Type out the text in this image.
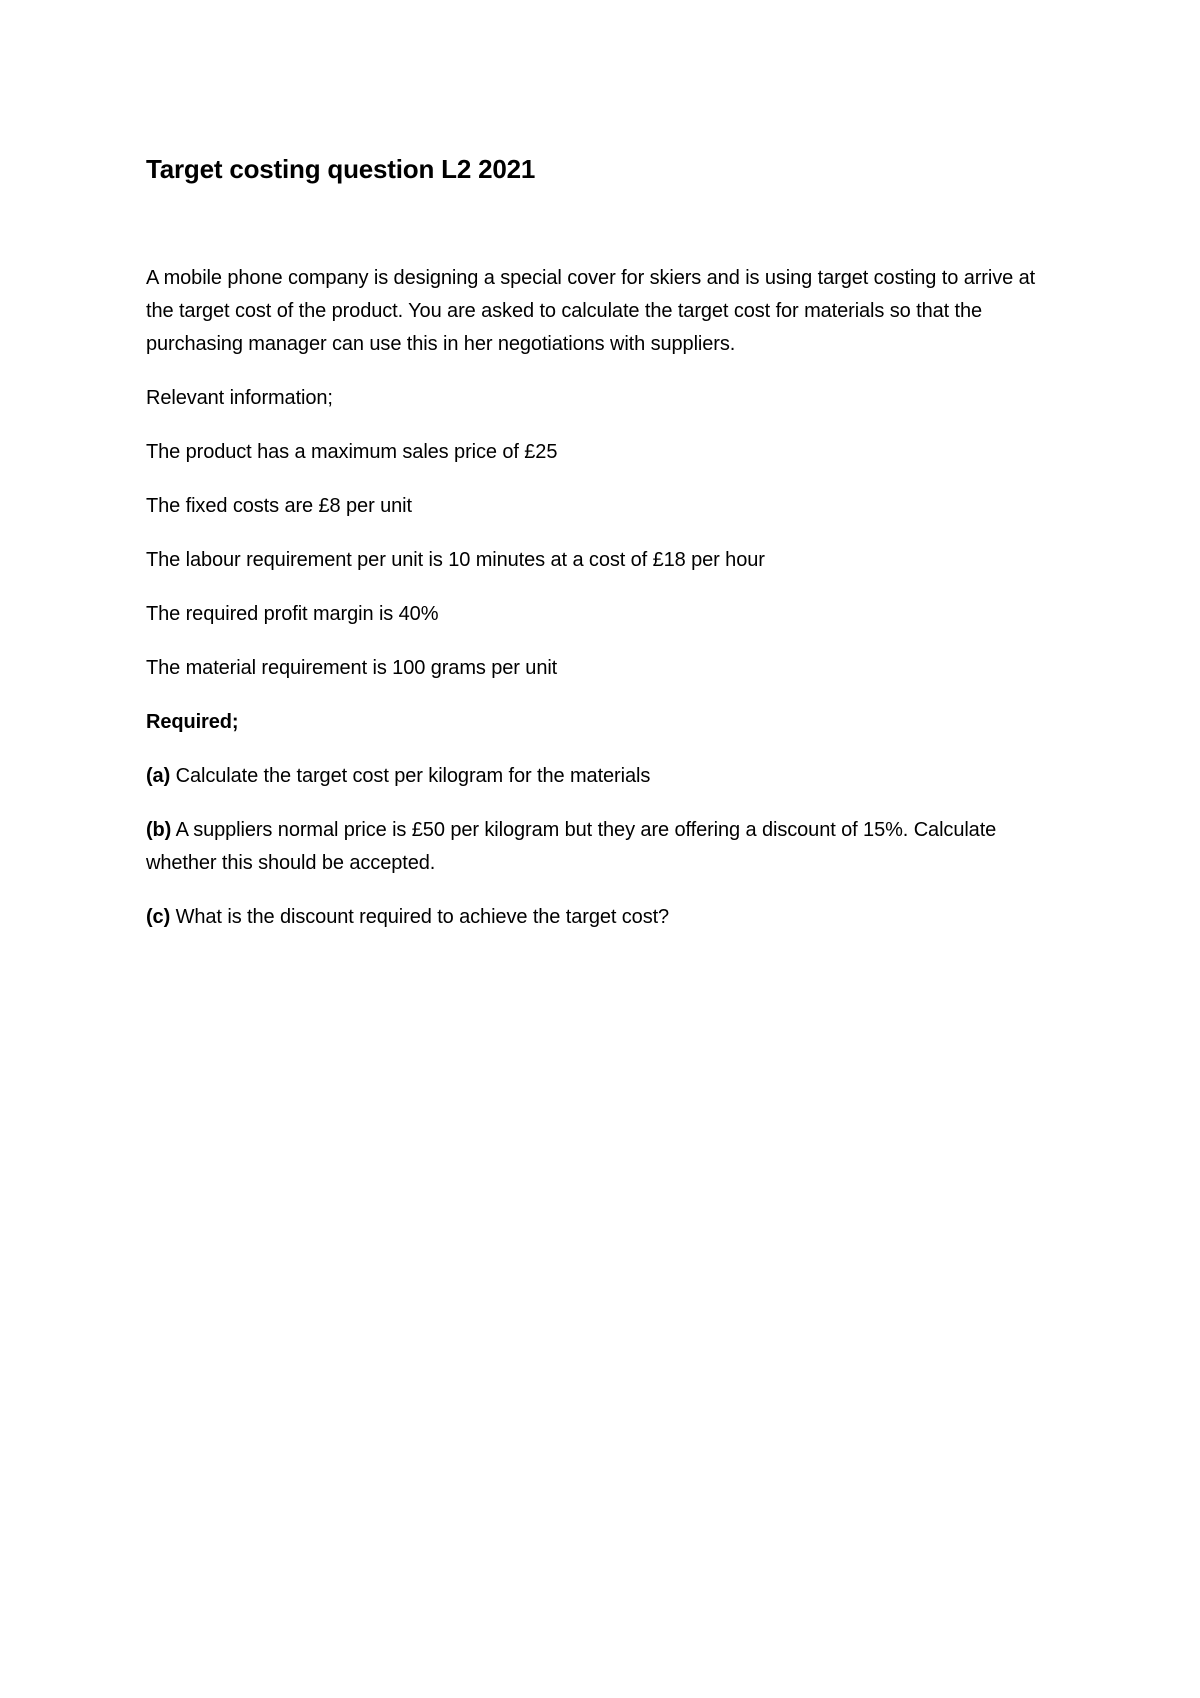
Target costing question L2 2021

A mobile phone company is designing a special cover for skiers and is using target costing to arrive at the target cost of the product. You are asked to calculate the target cost for materials so that the purchasing manager can use this in her negotiations with suppliers.

Relevant information;

The product has a maximum sales price of £25

The fixed costs are £8 per unit

The labour requirement per unit is 10 minutes at a cost of £18 per hour

The required profit margin is 40%

The material requirement is 100 grams per unit

Required;

(a) Calculate the target cost per kilogram for the materials

(b) A suppliers normal price is £50 per kilogram but they are offering a discount of 15%. Calculate whether this should be accepted.

(c) What is the discount required to achieve the target cost?
